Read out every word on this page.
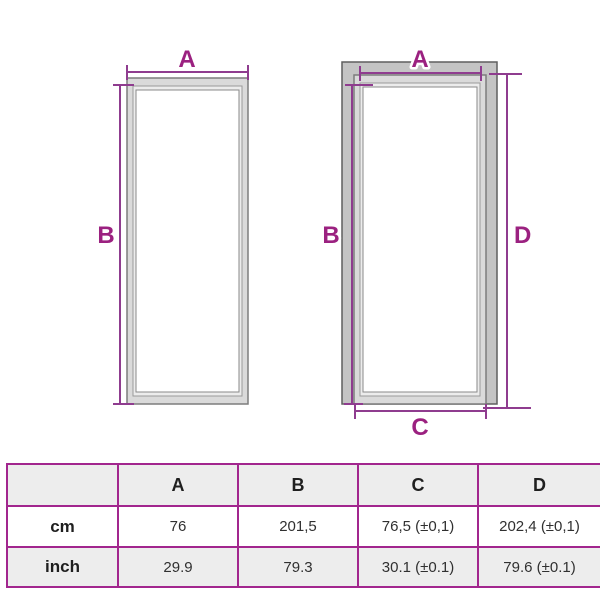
A
B
A
B
C
D
	A	B	C	D
cm	76	201,5	76,5 (±0,1)	202,4 (±0,1)
inch	29.9	79.3	30.1 (±0.1)	79.6 (±0.1)
